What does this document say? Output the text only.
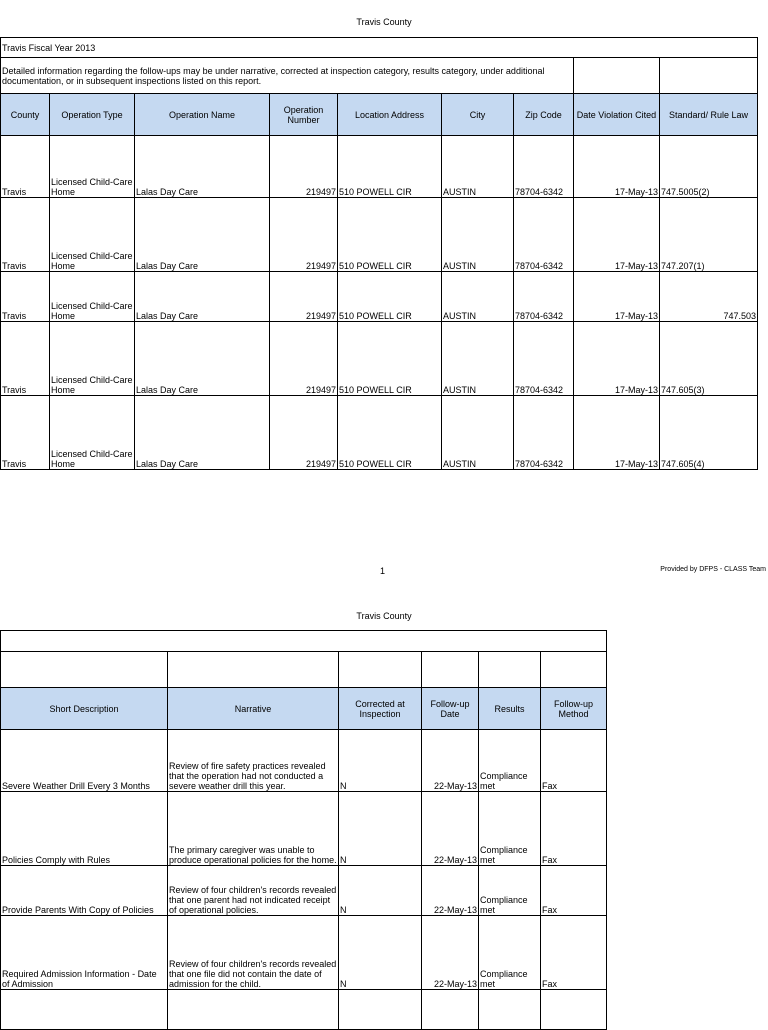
Travis County
Travis Fiscal Year 2013								
Detailed information regarding the follow-ups may be under narrative, corrected at inspection category, results category, under additional documentation, or in subsequent inspections listed on this report.								
County	Operation Type	Operation Name	Operation Number	Location Address	City	Zip Code	Date Violation Cited	Standard/ Rule Law
Travis	Licensed Child-Care Home	Lalas Day Care	219497	510 POWELL CIR	AUSTIN	78704-6342	17-May-13	747.5005(2)
Travis	Licensed Child-Care Home	Lalas Day Care	219497	510 POWELL CIR	AUSTIN	78704-6342	17-May-13	747.207(1)
Travis	Licensed Child-Care Home	Lalas Day Care	219497	510 POWELL CIR	AUSTIN	78704-6342	17-May-13	747.503
Travis	Licensed Child-Care Home	Lalas Day Care	219497	510 POWELL CIR	AUSTIN	78704-6342	17-May-13	747.605(3)
Travis	Licensed Child-Care Home	Lalas Day Care	219497	510 POWELL CIR	AUSTIN	78704-6342	17-May-13	747.605(4)
1	Provided by DFPS - CLASS Team
Travis County

Short Description	Narrative	Corrected at Inspection	Follow-up Date	Results	Follow-up Method
Severe Weather Drill Every 3 Months	Review of fire safety practices revealed that the operation had not conducted a severe weather drill this year.	N	22-May-13	Compliance met	Fax
Policies Comply with Rules	The primary caregiver was unable to produce operational policies for the home.	N	22-May-13	Compliance met	Fax
Provide Parents With Copy of Policies	Review of four children's records revealed that one parent had not indicated receipt of operational policies.	N	22-May-13	Compliance met	Fax
Required Admission Information - Date of Admission	Review of four children's records revealed that one file did not contain the date of admission for the child.	N	22-May-13	Compliance met	Fax
